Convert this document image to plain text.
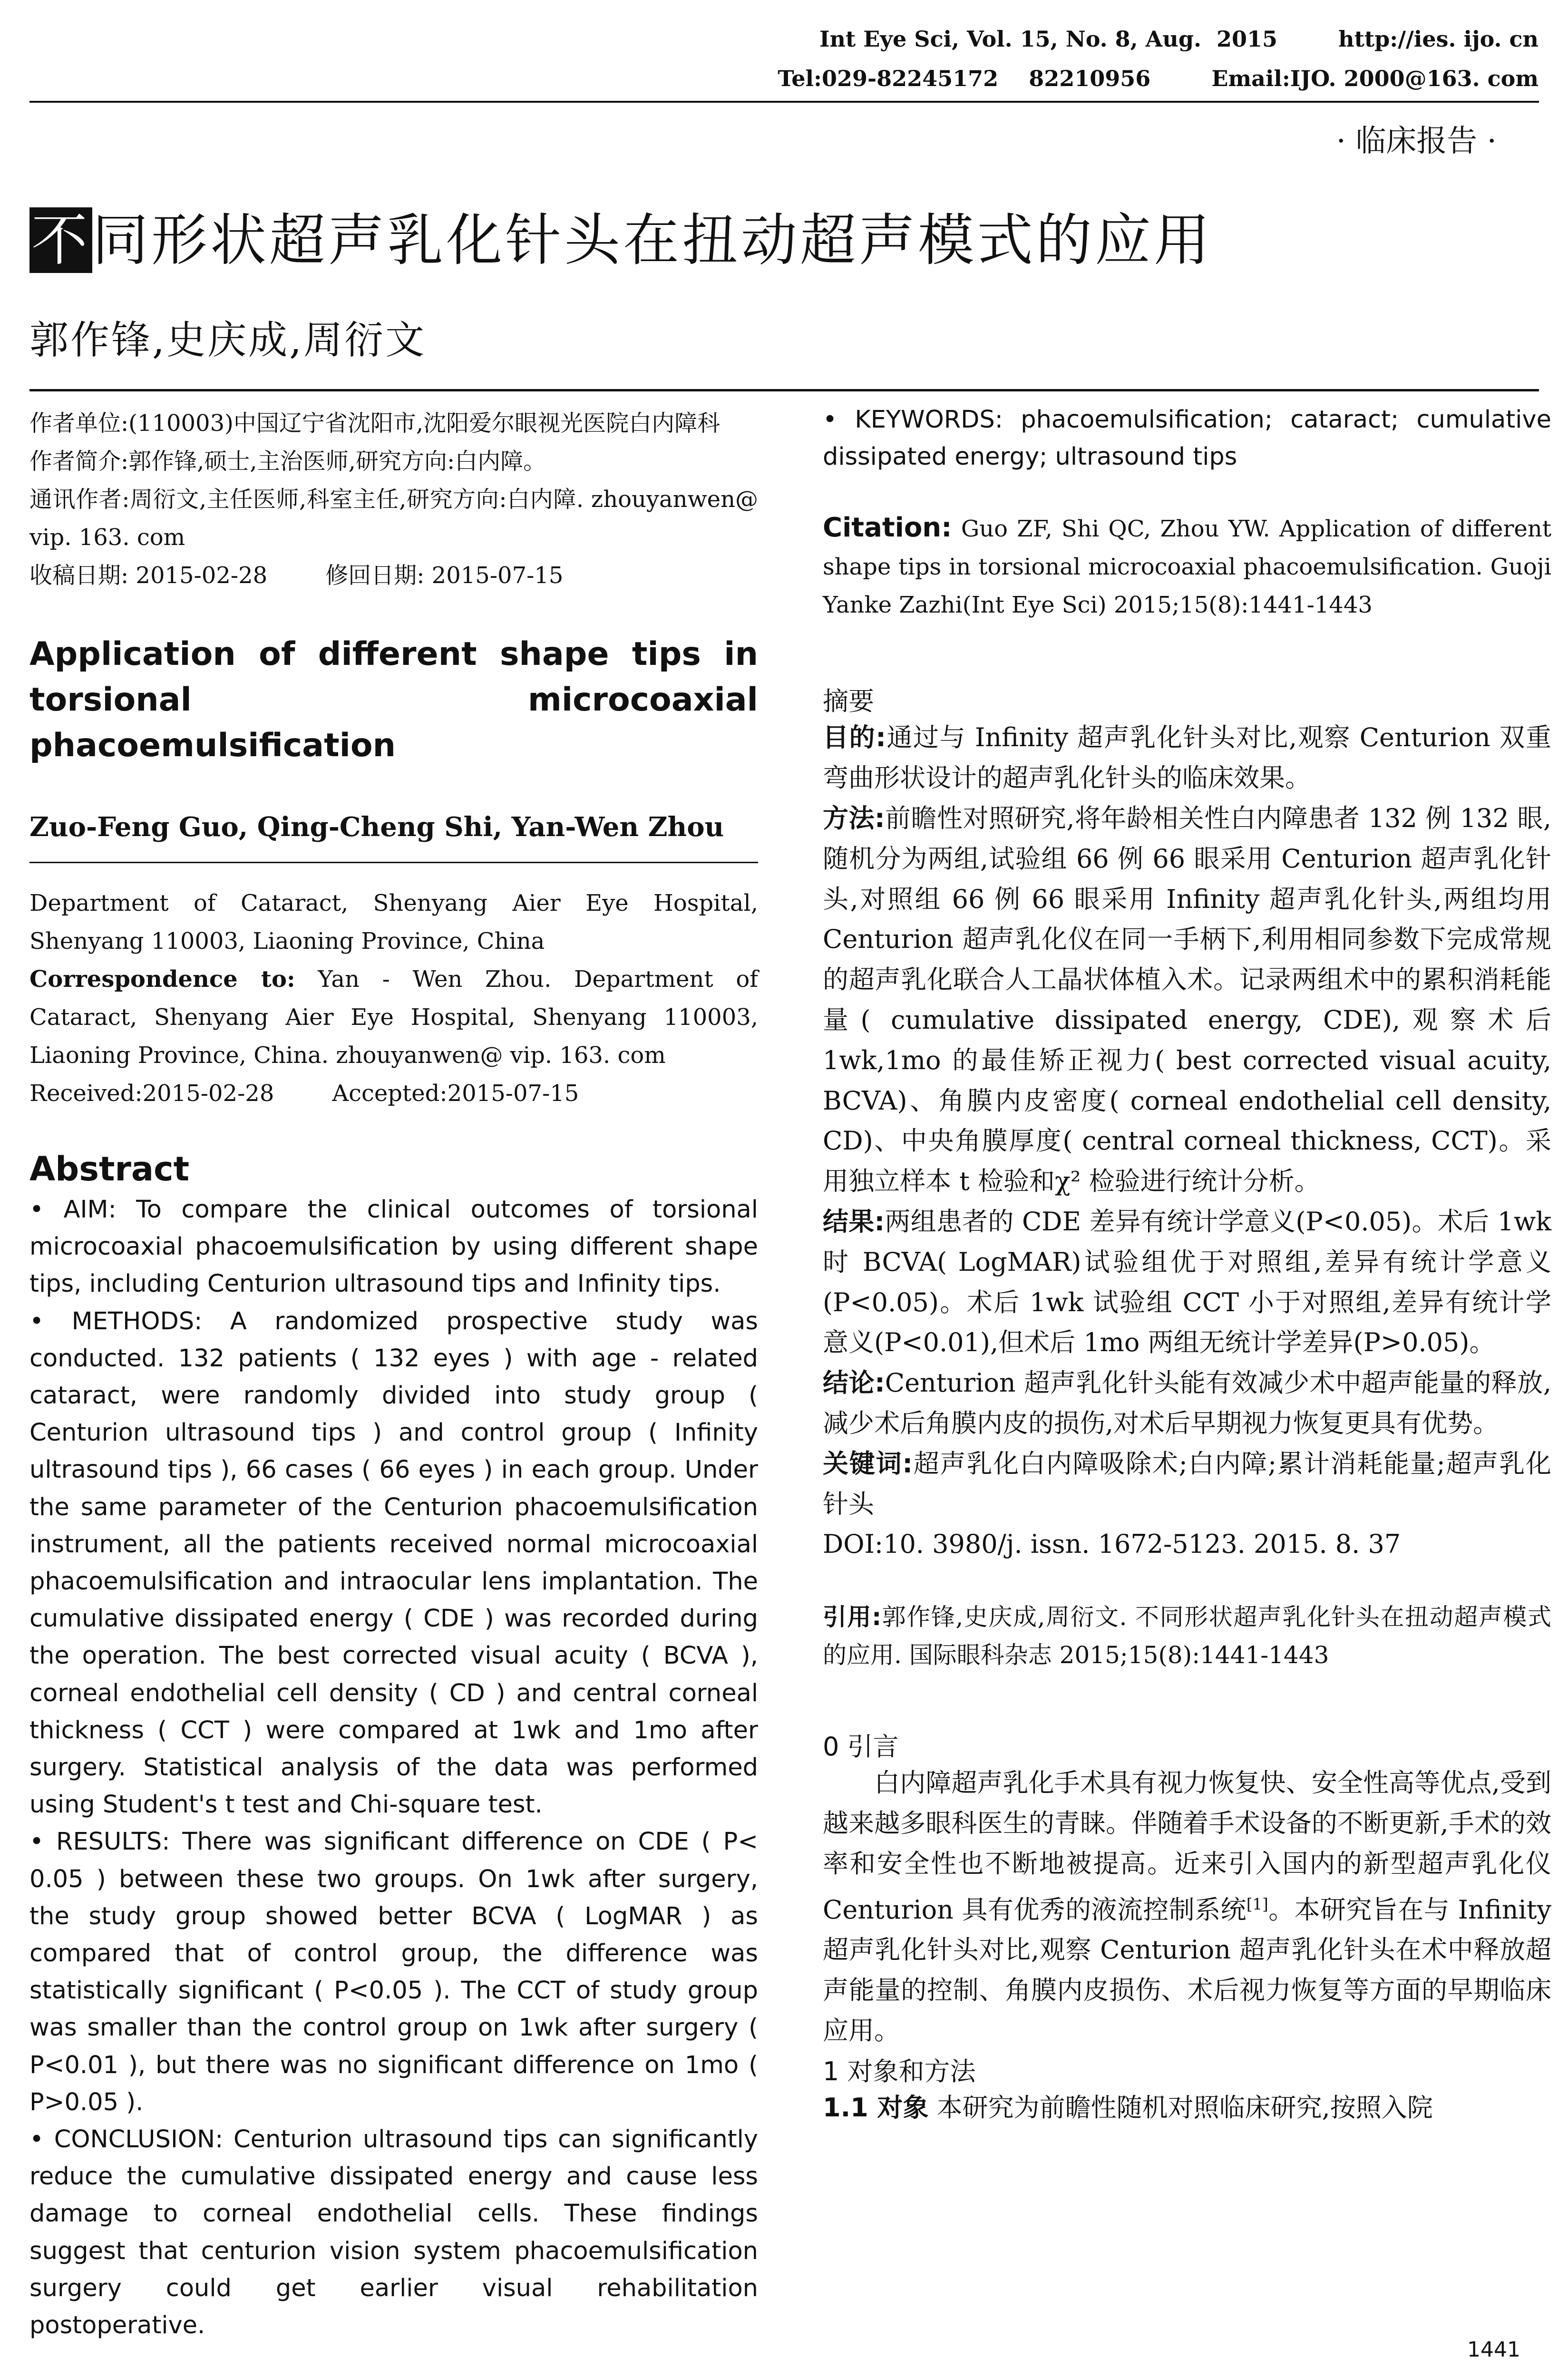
Int Eye Sci, Vol. 15, No. 8, Aug.  2015        http://ies. ijo. cn
Tel:029-82245172    82210956        Email:IJO. 2000@163. com
· 临床报告 ·
不同形状超声乳化针头在扭动超声模式的应用
郭作锋,史庆成,周衍文
作者单位:(110003)中国辽宁省沈阳市,沈阳爱尔眼视光医院白内障科
作者简介:郭作锋,硕士,主治医师,研究方向:白内障。
通讯作者:周衍文,主任医师,科室主任,研究方向:白内障. zhouyanwen@ vip. 163. com
收稿日期: 2015-02-28        修回日期: 2015-07-15
Application of different shape tips in torsional microcoaxial phacoemulsification
Zuo-Feng Guo, Qing-Cheng Shi, Yan-Wen Zhou
Department of Cataract, Shenyang Aier Eye Hospital, Shenyang 110003, Liaoning Province, China
Correspondence to: Yan - Wen Zhou. Department of Cataract, Shenyang Aier Eye Hospital, Shenyang 110003, Liaoning Province, China. zhouyanwen@ vip. 163. com
Received:2015-02-28        Accepted:2015-07-15
Abstract
• AIM: To compare the clinical outcomes of torsional microcoaxial phacoemulsification by using different shape tips, including Centurion ultrasound tips and Infinity tips.
• METHODS: A randomized prospective study was conducted. 132 patients ( 132 eyes ) with age - related cataract, were randomly divided into study group ( Centurion ultrasound tips ) and control group ( Infinity ultrasound tips ), 66 cases ( 66 eyes ) in each group. Under the same parameter of the Centurion phacoemulsification instrument, all the patients received normal microcoaxial phacoemulsification and intraocular lens implantation. The cumulative dissipated energy ( CDE ) was recorded during the operation. The best corrected visual acuity ( BCVA ), corneal endothelial cell density ( CD ) and central corneal thickness ( CCT ) were compared at 1wk and 1mo after surgery. Statistical analysis of the data was performed using Student's t test and Chi-square test.
• RESULTS: There was significant difference on CDE ( P< 0.05 ) between these two groups. On 1wk after surgery, the study group showed better BCVA ( LogMAR ) as compared that of control group, the difference was statistically significant ( P<0.05 ). The CCT of study group was smaller than the control group on 1wk after surgery ( P<0.01 ), but there was no significant difference on 1mo ( P>0.05 ).
• CONCLUSION: Centurion ultrasound tips can significantly reduce the cumulative dissipated energy and cause less damage to corneal endothelial cells. These findings suggest that centurion vision system phacoemulsification surgery could get earlier visual rehabilitation postoperative.
• KEYWORDS: phacoemulsification; cataract; cumulative dissipated energy; ultrasound tips
Citation: Guo ZF, Shi QC, Zhou YW. Application of different shape tips in torsional microcoaxial phacoemulsification. Guoji Yanke Zazhi(Int Eye Sci) 2015;15(8):1441-1443
摘要
目的:通过与 Infinity 超声乳化针头对比,观察 Centurion 双重弯曲形状设计的超声乳化针头的临床效果。
方法:前瞻性对照研究,将年龄相关性白内障患者 132 例 132 眼,随机分为两组,试验组 66 例 66 眼采用 Centurion 超声乳化针头,对照组 66 例 66 眼采用 Infinity 超声乳化针头,两组均用 Centurion 超声乳化仪在同一手柄下,利用相同参数下完成常规的超声乳化联合人工晶状体植入术。记录两组术中的累积消耗能量( cumulative dissipated energy, CDE),观察术后 1wk,1mo 的最佳矫正视力( best corrected visual acuity, BCVA)、角膜内皮密度( corneal endothelial cell density, CD)、中央角膜厚度( central corneal thickness, CCT)。采用独立样本 t 检验和χ² 检验进行统计分析。
结果:两组患者的 CDE 差异有统计学意义(P<0.05)。术后 1wk 时 BCVA( LogMAR)试验组优于对照组,差异有统计学意义(P<0.05)。术后 1wk 试验组 CCT 小于对照组,差异有统计学意义(P<0.01),但术后 1mo 两组无统计学差异(P>0.05)。
结论:Centurion 超声乳化针头能有效减少术中超声能量的释放,减少术后角膜内皮的损伤,对术后早期视力恢复更具有优势。
关键词:超声乳化白内障吸除术;白内障;累计消耗能量;超声乳化针头
DOI:10. 3980/j. issn. 1672-5123. 2015. 8. 37
引用:郭作锋,史庆成,周衍文. 不同形状超声乳化针头在扭动超声模式的应用. 国际眼科杂志 2015;15(8):1441-1443
0 引言
白内障超声乳化手术具有视力恢复快、安全性高等优点,受到越来越多眼科医生的青睐。伴随着手术设备的不断更新,手术的效率和安全性也不断地被提高。近来引入国内的新型超声乳化仪 Centurion 具有优秀的液流控制系统[1]。本研究旨在与 Infinity 超声乳化针头对比,观察 Centurion 超声乳化针头在术中释放超声能量的控制、角膜内皮损伤、术后视力恢复等方面的早期临床应用。
1 对象和方法
1.1 对象 本研究为前瞻性随机对照临床研究,按照入院
1441
